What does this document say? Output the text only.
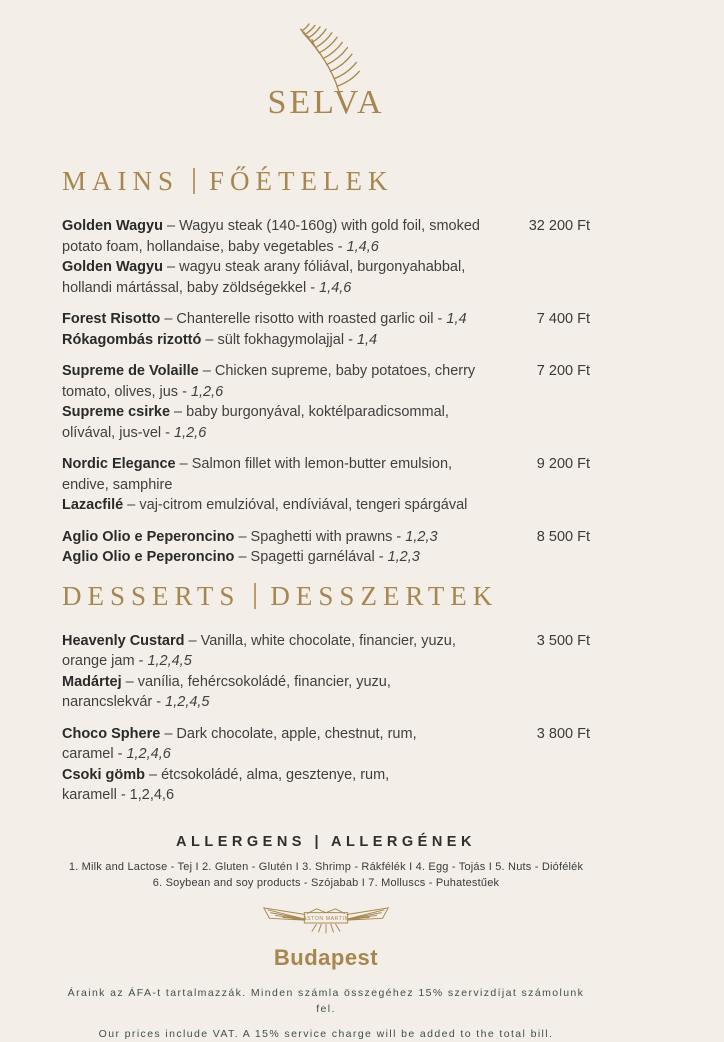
SELVA
MAINS FŐÉTELEK

Golden Wagyu – Wagyu steak (140-160g) with gold foil, smoked

potato foam, hollandaise, baby vegetables - 1,4,6

Golden Wagyu – wagyu steak arany fóliával, burgonyahabbal,

hollandi mártással, baby zöldségekkel - 1,4,6

32 200 Ft

Forest Risotto – Chanterelle risotto with roasted garlic oil - 1,4

Rókagombás rizottó – sült fokhagymolajjal - 1,4

7 400 Ft

Supreme de Volaille – Chicken supreme, baby potatoes, cherry

tomato, olives, jus - 1,2,6

Supreme csirke – baby burgonyával, koktélparadicsommal,

olívával, jus-vel - 1,2,6

7 200 Ft

Nordic Elegance – Salmon fillet with lemon-butter emulsion,

endive, samphire

Lazacfilé – vaj-citrom emulzióval, endíviával, tengeri spárgával

9 200 Ft

Aglio Olio e Peperoncino – Spaghetti with prawns - 1,2,3

Aglio Olio e Peperoncino – Spagetti garnélával - 1,2,3

8 500 Ft
DESSERTS DESSZERTEK

Heavenly Custard – Vanilla, white chocolate, financier, yuzu,

orange jam - 1,2,4,5

Madártej – vanília, fehércsokoládé, financier, yuzu,

narancslekvár - 1,2,4,5

3 500 Ft

Choco Sphere – Dark chocolate, apple, chestnut, rum,

caramel - 1,2,4,6

Csoki gömb – étcsokoládé, alma, gesztenye, rum,

karamell - 1,2,4,6

3 800 Ft
ALLERGENS | ALLERGÉNEK
1. Milk and Lactose - Tej I 2. Gluten - Glutén I 3. Shrimp - Rákfélék I 4. Egg - Tojás I 5. Nuts - Diófélék
6. Soybean and soy products - Szójabab I 7. Molluscs - Puhatestűek
ASTON MARTIN
Budapest

Áraink az ÁFA-t tartalmazzák. Minden számla összegéhez 15% szervizdíjat számolunk fel.

Our prices include VAT. A 15% service charge will be added to the total bill.
